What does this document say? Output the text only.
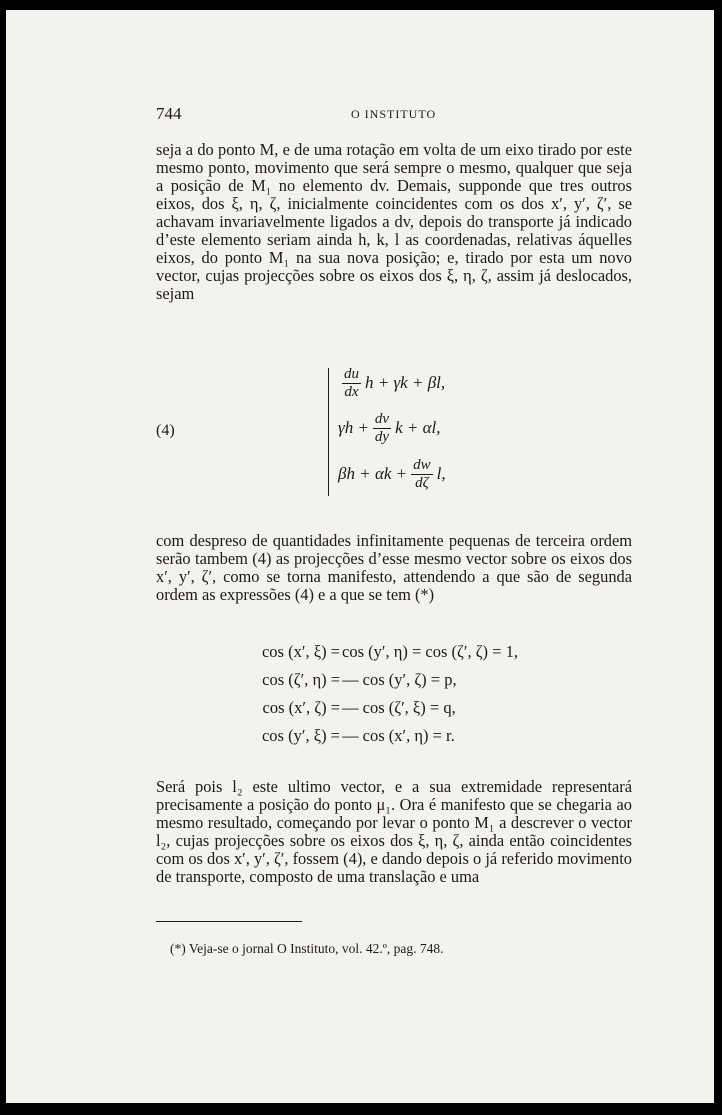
744	O INSTITUTO

seja a do ponto M, e de uma rotação em volta de um eixo tirado por este mesmo ponto, movimento que será sempre o mesmo, qualquer que seja a posição de M₁ no elemento dv. Demais, supponde que tres outros eixos, dos ξ, η, ζ, inicialmente coincidentes com os dos x′, y′, ζ′, se achavam invariavelmente ligados a dv, depois do transporte já indicado d’este elemento seriam ainda h, k, l as coordenadas, relativas áquelles eixos, do ponto M₁ na sua nova posição; e, tirado por esta um novo vector, cujas projecções sobre os eixos dos ξ, η, ζ, assim já deslocados, sejam

(4)
$\frac{du}{dx}$ h + γk + βl,
$\gamma h + \frac{dv}{dy}$ k + αl,
$\beta h + \alpha k + \frac{dw}{d\zeta} l$,

com despreso de quantidades infinitamente pequenas de terceira ordem serão tambem (4) as projecções d’esse mesmo vector sobre os eixos dos x′, y′, ζ′, como se torna manifesto, attendendo a que são de segunda ordem as expressões (4) e a que se tem (*)

cos (x′, ξ) = cos (y′, η) = cos (ζ′, ζ) = 1,
cos (ζ′, η) = — cos (y′, ζ) = p,
cos (x′, ζ) = — cos (ζ′, ξ) = q,
cos (y′, ξ) = — cos (x′, η) = r.

Será pois l₂ este ultimo vector, e a sua extremidade representará precisamente a posição do ponto μ₁. Ora é manifesto que se chegaria ao mesmo resultado, começando por levar o ponto M₁ a descrever o vector l₂, cujas projecções sobre os eixos dos ξ, η, ζ, ainda então coincidentes com os dos x′, y′, ζ′, fossem (4), e dando depois o já referido movimento de transporte, composto de uma translação e uma

(*) Veja-se o jornal O Instituto, vol. 42.º, pag. 748.
